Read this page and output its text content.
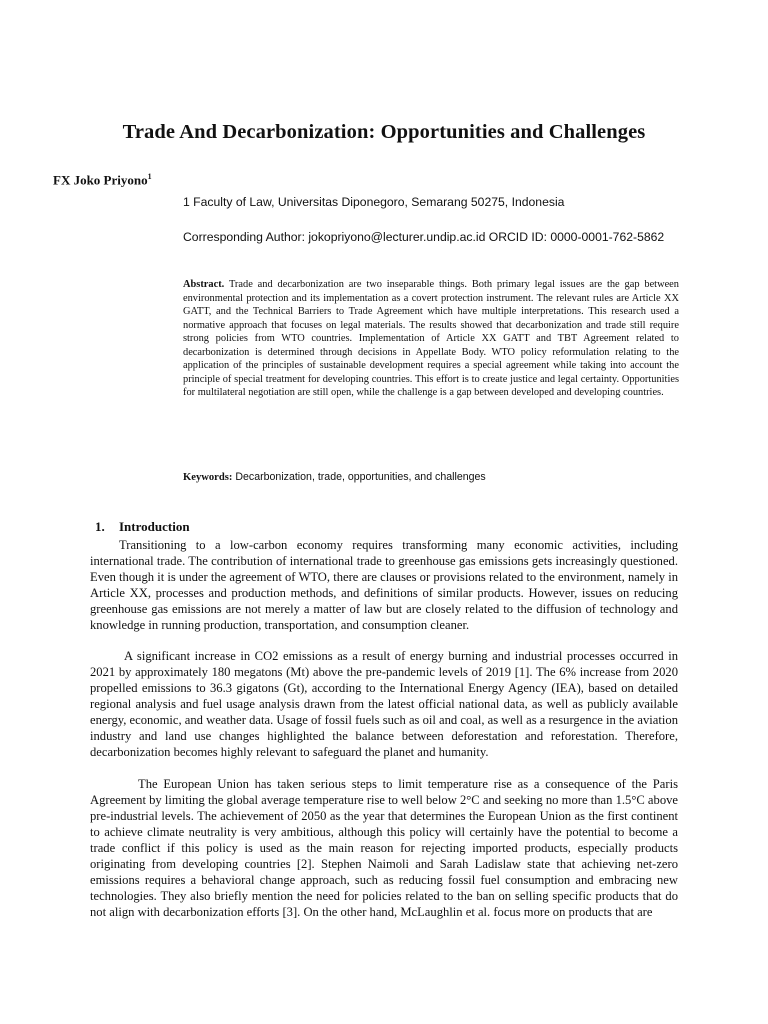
Trade And Decarbonization: Opportunities and Challenges
FX Joko Priyono$^1$
1 Faculty of Law, Universitas Diponegoro, Semarang 50275, Indonesia
Corresponding Author: jokopriyono@lecturer.undip.ac.id ORCID ID: 0000-0001-762-5862

Abstract. Trade and decarbonization are two inseparable things. Both primary legal issues are the gap between environmental protection and its implementation as a covert protection instrument. The relevant rules are Article XX GATT, and the Technical Barriers to Trade Agreement which have multiple interpretations. This research used a normative approach that focuses on legal materials. The results showed that decarbonization and trade still require strong policies from WTO countries. Implementation of Article XX GATT and TBT Agreement related to decarbonization is determined through decisions in Appellate Body. WTO policy reformulation relating to the application of the principles of sustainable development requires a special agreement while taking into account the principle of special treatment for developing countries. This effort is to create justice and legal certainty. Opportunities for multilateral negotiation are still open, while the challenge is a gap between developed and developing countries.

Keywords: Decarbonization, trade, opportunities, and challenges
1. Introduction

Transitioning to a low-carbon economy requires transforming many economic activities, including international trade. The contribution of international trade to greenhouse gas emissions gets increasingly questioned. Even though it is under the agreement of WTO, there are clauses or provisions related to the environment, namely in Article XX, processes and production methods, and definitions of similar products. However, issues on reducing greenhouse gas emissions are not merely a matter of law but are closely related to the diffusion of technology and knowledge in running production, transportation, and consumption cleaner.

A significant increase in CO2 emissions as a result of energy burning and industrial processes occurred in 2021 by approximately 180 megatons (Mt) above the pre-pandemic levels of 2019 [1]. The 6% increase from 2020 propelled emissions to 36.3 gigatons (Gt), according to the International Energy Agency (IEA), based on detailed regional analysis and fuel usage analysis drawn from the latest official national data, as well as publicly available energy, economic, and weather data. Usage of fossil fuels such as oil and coal, as well as a resurgence in the aviation industry and land use changes highlighted the balance between deforestation and reforestation. Therefore, decarbonization becomes highly relevant to safeguard the planet and humanity.

The European Union has taken serious steps to limit temperature rise as a consequence of the Paris Agreement by limiting the global average temperature rise to well below 2°C and seeking no more than 1.5°C above pre-industrial levels. The achievement of 2050 as the year that determines the European Union as the first continent to achieve climate neutrality is very ambitious, although this policy will certainly have the potential to become a trade conflict if this policy is used as the main reason for rejecting imported products, especially products originating from developing countries [2]. Stephen Naimoli and Sarah Ladislaw state that achieving net-zero emissions requires a behavioral change approach, such as reducing fossil fuel consumption and embracing new technologies. They also briefly mention the need for policies related to the ban on selling specific products that do not align with decarbonization efforts [3]. On the other hand, McLaughlin et al. focus more on products that are
